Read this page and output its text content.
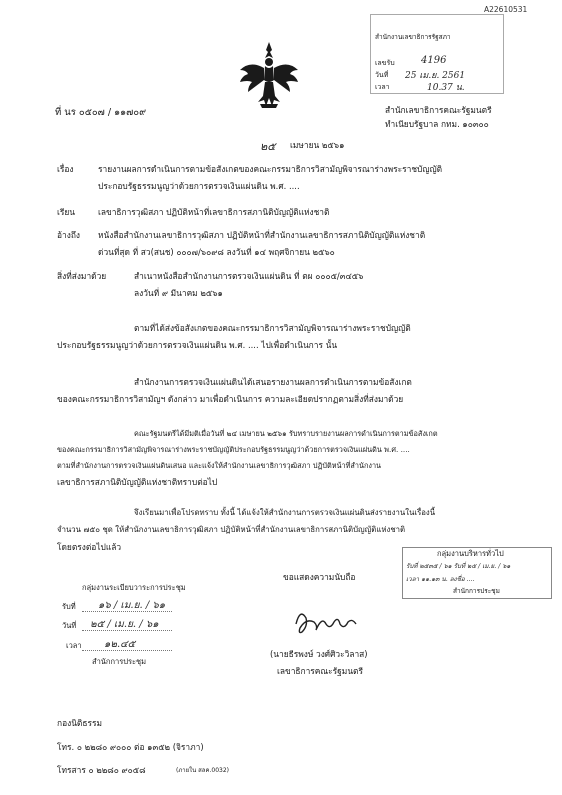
A22610531
สำนักงานเลขาธิการรัฐสภา
เลขรับ	4196
วันที่ 25 เม.ย. 2561
เวลา	10.37 น.
ที่ นร ๐๕๐๗ / ๑๑๗๐๙	สำนักเลขาธิการคณะรัฐมนตรี
ทำเนียบรัฐบาล กทม. ๑๐๓๐๐
๒๕ เมษายน ๒๕๖๑
เรื่อง	รายงานผลการดำเนินการตามข้อสังเกตของคณะกรรมาธิการวิสามัญพิจารณาร่างพระราชบัญญัติ
ประกอบรัฐธรรมนูญว่าด้วยการตรวจเงินแผ่นดิน พ.ศ. ....
เรียน	เลขาธิการวุฒิสภา ปฏิบัติหน้าที่เลขาธิการสภานิติบัญญัติแห่งชาติ
อ้างถึง หนังสือสำนักงานเลขาธิการวุฒิสภา ปฏิบัติหน้าที่สำนักงานเลขาธิการสภานิติบัญญัติแห่งชาติ
ด่วนที่สุด ที่ สว(สนช) ๐๐๐๗/๖๐๙๘ ลงวันที่ ๑๔ พฤศจิกายน ๒๕๖๐
สิ่งที่ส่งมาด้วย	สำเนาหนังสือสำนักงานการตรวจเงินแผ่นดิน ที่ ตผ ๐๐๐๕/๓๔๕๖
ลงวันที่ ๙ มีนาคม ๒๕๖๑
ตามที่ได้ส่งข้อสังเกตของคณะกรรมาธิการวิสามัญพิจารณาร่างพระราชบัญญัติ
ประกอบรัฐธรรมนูญว่าด้วยการตรวจเงินแผ่นดิน พ.ศ. .... ไปเพื่อดำเนินการ นั้น
สำนักงานการตรวจเงินแผ่นดินได้เสนอรายงานผลการดำเนินการตามข้อสังเกต
ของคณะกรรมาธิการวิสามัญฯ ดังกล่าว มาเพื่อดำเนินการ ความละเอียดปรากฏตามสิ่งที่ส่งมาด้วย
คณะรัฐมนตรีได้มีมติเมื่อวันที่ ๒๔ เมษายน ๒๕๖๑ รับทราบรายงานผลการดำเนินการตามข้อสังเกต
ของคณะกรรมาธิการวิสามัญพิจารณาร่างพระราชบัญญัติประกอบรัฐธรรมนูญว่าด้วยการตรวจเงินแผ่นดิน พ.ศ. ....
ตามที่สำนักงานการตรวจเงินแผ่นดินเสนอ และแจ้งให้สำนักงานเลขาธิการวุฒิสภา ปฏิบัติหน้าที่สำนักงาน
เลขาธิการสภานิติบัญญัติแห่งชาติทราบต่อไป
จึงเรียนมาเพื่อโปรดทราบ ทั้งนี้ ได้แจ้งให้สำนักงานการตรวจเงินแผ่นดินส่งรายงานในเรื่องนี้
จำนวน ๗๕๐ ชุด ให้สำนักงานเลขาธิการวุฒิสภา ปฏิบัติหน้าที่สำนักงานเลขาธิการสภานิติบัญญัติแห่งชาติ
โดยตรงต่อไปแล้ว
กลุ่มงานบริหารทั่วไป
รับที่ ๒๕๓๕ / ๖๑ รับที่ ๒๕ / เม.ย. / ๖๑
เวลา ๑๑.๑๓ น. ลงชื่อ ....
สำนักการประชุม
กลุ่มงานระเบียบวาระการประชุม
รับที่ ๑๖ / เม.ย. / ๖๑
วันที่ ๒๕ / เม.ย. / ๖๑
เวลา ๑๒.๔๕
สำนักการประชุม
ขอแสดงความนับถือ
(นายธีรพงษ์ วงศ์ศิวะวิลาส)
เลขาธิการคณะรัฐมนตรี
กองนิติธรรม
โทร. ๐ ๒๒๘๐ ๙๐๐๐ ต่อ ๑๓๕๒ (จิราภา)
โทรสาร ๐ ๒๒๘๐ ๙๐๕๘	(ภายใน สลค.0032)
